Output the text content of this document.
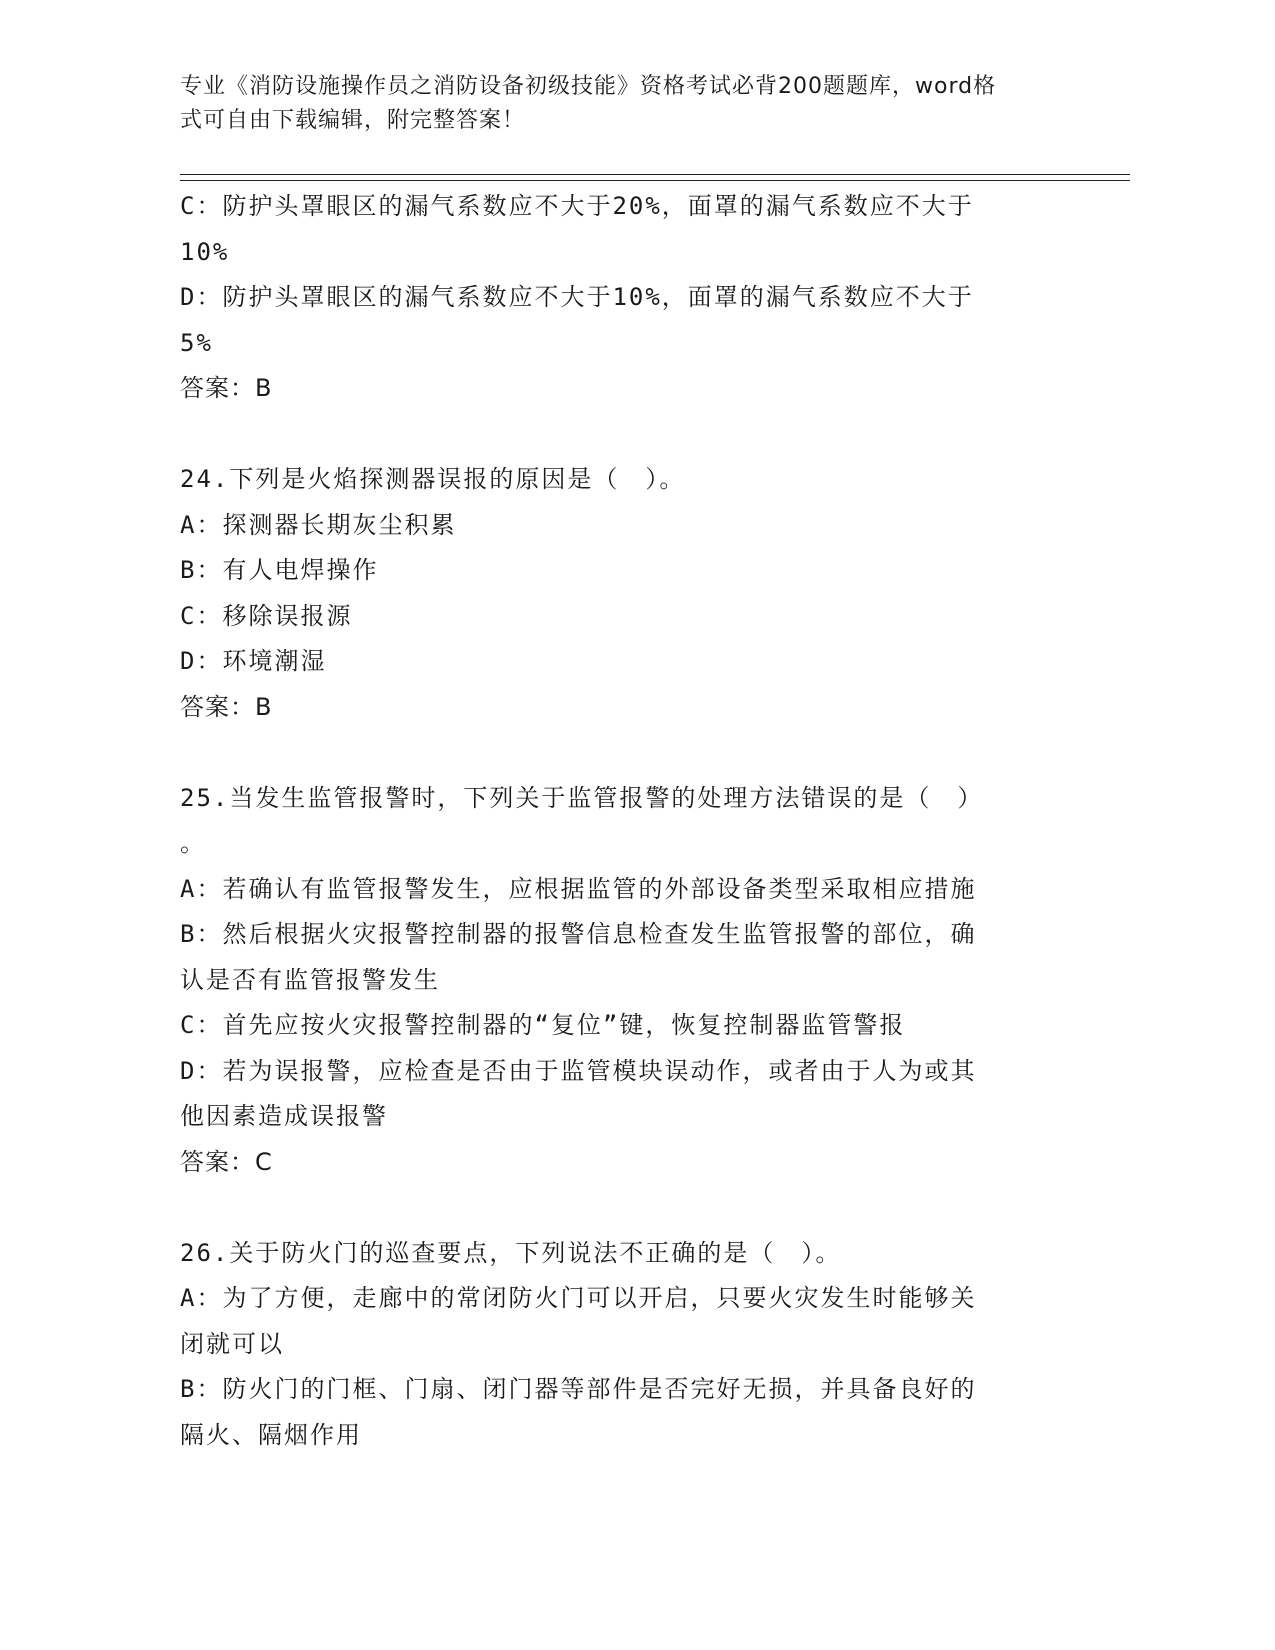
专业《消防设施操作员之消防设备初级技能》资格考试必背200题题库，word格
式可自由下载编辑，附完整答案！
C：防护头罩眼区的漏气系数应不大于20%，面罩的漏气系数应不大于
10%
D：防护头罩眼区的漏气系数应不大于10%，面罩的漏气系数应不大于
5%
答案：B
24.下列是火焰探测器误报的原因是（　）。
A：探测器长期灰尘积累
B：有人电焊操作
C：移除误报源
D：环境潮湿
答案：B
25.当发生监管报警时，下列关于监管报警的处理方法错误的是（　）
。
A：若确认有监管报警发生，应根据监管的外部设备类型采取相应措施
B：然后根据火灾报警控制器的报警信息检查发生监管报警的部位，确
认是否有监管报警发生
C：首先应按火灾报警控制器的“复位”键，恢复控制器监管警报
D：若为误报警，应检查是否由于监管模块误动作，或者由于人为或其
他因素造成误报警
答案：C
26.关于防火门的巡查要点，下列说法不正确的是（　）。
A：为了方便，走廊中的常闭防火门可以开启，只要火灾发生时能够关
闭就可以
B：防火门的门框、门扇、闭门器等部件是否完好无损，并具备良好的
隔火、隔烟作用
